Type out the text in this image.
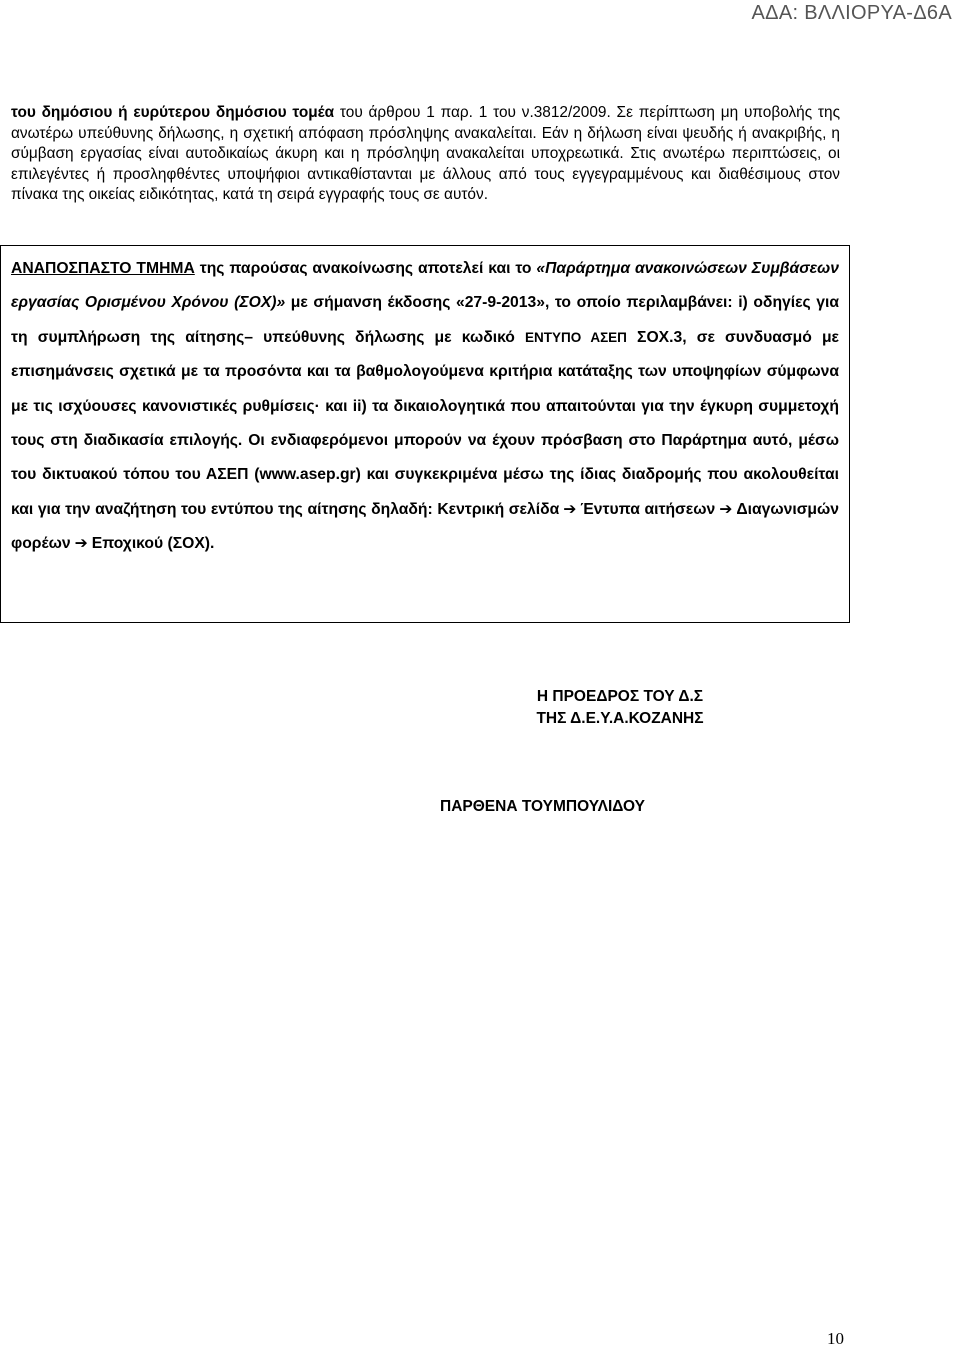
ΑΔΑ: ΒΛΛΙΟΡΥΑ-Δ6Α
του δημόσιου ή ευρύτερου δημόσιου τομέα του άρθρου 1 παρ. 1 του ν.3812/2009. Σε περίπτωση μη υποβολής της ανωτέρω υπεύθυνης δήλωσης, η σχετική απόφαση πρόσληψης ανακαλείται. Εάν η δήλωση είναι ψευδής ή ανακριβής, η σύμβαση εργασίας είναι αυτοδικαίως άκυρη και η πρόσληψη ανακαλείται υποχρεωτικά. Στις ανωτέρω περιπτώσεις, οι επιλεγέντες ή προσληφθέντες υποψήφιοι αντικαθίστανται με άλλους από τους εγγεγραμμένους και διαθέσιμους στον πίνακα της οικείας ειδικότητας, κατά τη σειρά εγγραφής τους σε αυτόν.
ΑΝΑΠΟΣΠΑΣΤΟ ΤΜΗΜΑ της παρούσας ανακοίνωσης αποτελεί και το «Παράρτημα ανακοινώσεων Συμβάσεων εργασίας Ορισμένου Χρόνου (ΣΟΧ)» με σήμανση έκδοσης «27-9-2013», το οποίο περιλαμβάνει: i) οδηγίες για τη συμπλήρωση της αίτησης– υπεύθυνης δήλωσης με κωδικό ΕΝΤΥΠΟ ΑΣΕΠ ΣΟΧ.3, σε συνδυασμό με επισημάνσεις σχετικά με τα προσόντα και τα βαθμολογούμενα κριτήρια κατάταξης των υποψηφίων σύμφωνα με τις ισχύουσες κανονιστικές ρυθμίσεις· και ii) τα δικαιολογητικά που απαιτούνται για την έγκυρη συμμετοχή τους στη διαδικασία επιλογής. Οι ενδιαφερόμενοι μπορούν να έχουν πρόσβαση στο Παράρτημα αυτό, μέσω του δικτυακού τόπου του ΑΣΕΠ (www.asep.gr) και συγκεκριμένα μέσω της ίδιας διαδρομής που ακολουθείται και για την αναζήτηση του εντύπου της αίτησης δηλαδή: Κεντρική σελίδα ➔ Έντυπα αιτήσεων ➔ Διαγωνισμών φορέων ➔ Εποχικού (ΣΟΧ).
Η ΠΡΟΕΔΡΟΣ ΤΟΥ Δ.Σ
ΤΗΣ Δ.Ε.Υ.Α.ΚΟΖΑΝΗΣ
ΠΑΡΘΕΝΑ ΤΟΥΜΠΟΥΛΙΔΟΥ
10
